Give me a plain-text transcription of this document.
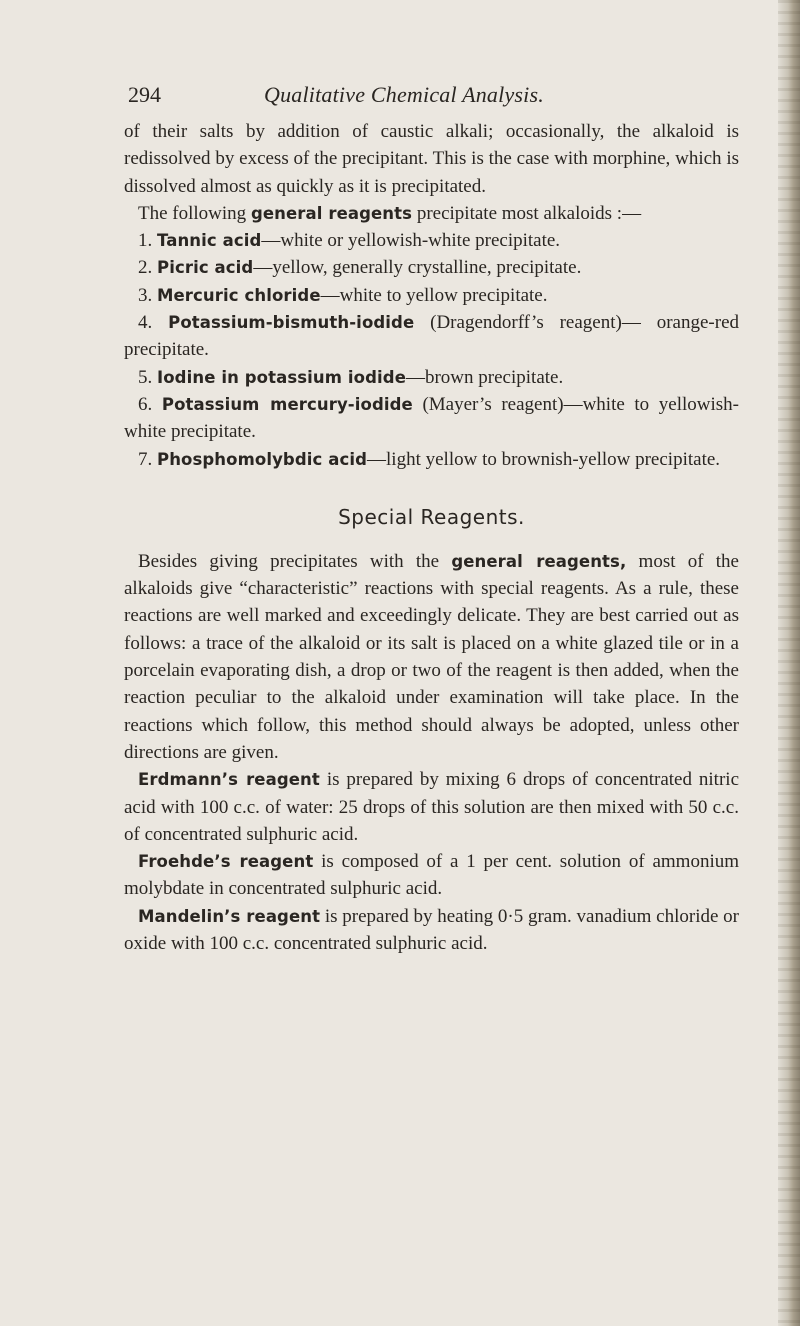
294	Qualitative Chemical Analysis.

of their salts by addition of caustic alkali; occasionally, the alkaloid is redissolved by excess of the precipitant. This is the case with morphine, which is dissolved almost as quickly as it is precipitated.

The following general reagents precipitate most alkaloids :—

1. Tannic acid—white or yellowish-white precipitate.

2. Picric acid—yellow, generally crystalline, precipitate.

3. Mercuric chloride—white to yellow precipitate.

4. Potassium-bismuth-iodide (Dragendorff’s reagent)— orange-red precipitate.

5. Iodine in potassium iodide—brown precipitate.

6. Potassium mercury-iodide (Mayer’s reagent)—white to yellowish-white precipitate.

7. Phosphomolybdic acid—light yellow to brownish-yellow precipitate.

Special Reagents.

Besides giving precipitates with the general reagents, most of the alkaloids give “characteristic” reactions with special reagents. As a rule, these reactions are well marked and exceedingly delicate. They are best carried out as follows: a trace of the alkaloid or its salt is placed on a white glazed tile or in a porcelain evaporating dish, a drop or two of the reagent is then added, when the reaction peculiar to the alkaloid under examination will take place. In the reactions which follow, this method should always be adopted, unless other directions are given.

Erdmann’s reagent is prepared by mixing 6 drops of concentrated nitric acid with 100 c.c. of water: 25 drops of this solution are then mixed with 50 c.c. of concentrated sulphuric acid.

Froehde’s reagent is composed of a 1 per cent. solution of ammonium molybdate in concentrated sulphuric acid.

Mandelin’s reagent is prepared by heating 0·5 gram. vanadium chloride or oxide with 100 c.c. concentrated sulphuric acid.
